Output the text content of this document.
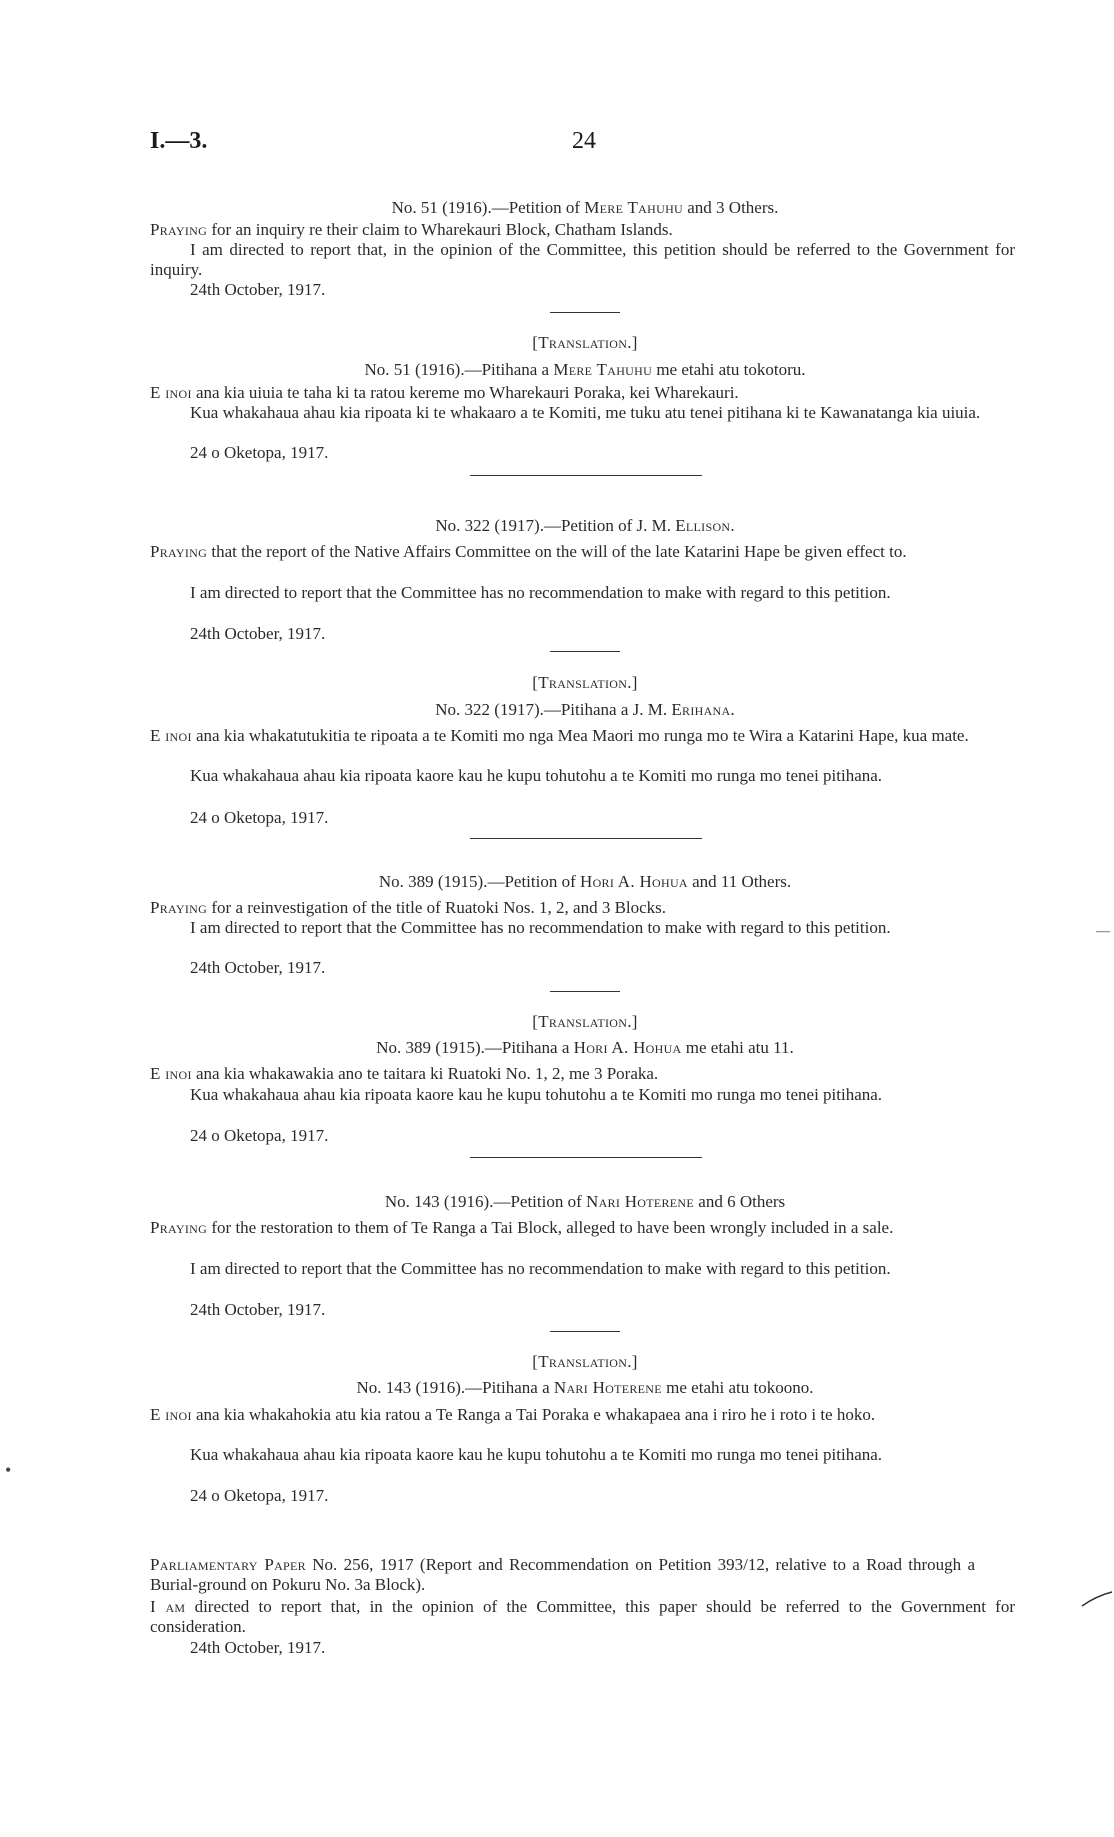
I.—3.	24
No. 51 (1916).—Petition of Mere Tahuhu and 3 Others.
Praying for an inquiry re their claim to Wharekauri Block, Chatham Islands.
I am directed to report that, in the opinion of the Committee, this petition should be referred to the Government for inquiry.
24th October, 1917.
[Translation.]
No. 51 (1916).—Pitihana a Mere Tahuhu me etahi atu tokotoru.
E inoi ana kia uiuia te taha ki ta ratou kereme mo Wharekauri Poraka, kei Wharekauri.
Kua whakahaua ahau kia ripoata ki te whakaaro a te Komiti, me tuku atu tenei pitihana ki te Kawanatanga kia uiuia.
24 o Oketopa, 1917.
No. 322 (1917).—Petition of J. M. Ellison.
Praying that the report of the Native Affairs Committee on the will of the late Katarini Hape be given effect to.
I am directed to report that the Committee has no recommendation to make with regard to this petition.
24th October, 1917.
[Translation.]
No. 322 (1917).—Pitihana a J. M. Erihana.
E inoi ana kia whakatutukitia te ripoata a te Komiti mo nga Mea Maori mo runga mo te Wira a Katarini Hape, kua mate.
Kua whakahaua ahau kia ripoata kaore kau he kupu tohutohu a te Komiti mo runga mo tenei pitihana.
24 o Oketopa, 1917.
No. 389 (1915).—Petition of Hori A. Hohua and 11 Others.
Praying for a reinvestigation of the title of Ruatoki Nos. 1, 2, and 3 Blocks.
I am directed to report that the Committee has no recommendation to make with regard to this petition.
24th October, 1917.
[Translation.]
No. 389 (1915).—Pitihana a Hori A. Hohua me etahi atu 11.
E inoi ana kia whakawakia ano te taitara ki Ruatoki No. 1, 2, me 3 Poraka.
Kua whakahaua ahau kia ripoata kaore kau he kupu tohutohu a te Komiti mo runga mo tenei pitihana.
24 o Oketopa, 1917.
No. 143 (1916).—Petition of Nari Hoterene and 6 Others
Praying for the restoration to them of Te Ranga a Tai Block, alleged to have been wrongly included in a sale.
I am directed to report that the Committee has no recommendation to make with regard to this petition.
24th October, 1917.
[Translation.]
No. 143 (1916).—Pitihana a Nari Hoterene me etahi atu tokoono.
E inoi ana kia whakahokia atu kia ratou a Te Ranga a Tai Poraka e whakapaea ana i riro he i roto i te hoko.
Kua whakahaua ahau kia ripoata kaore kau he kupu tohutohu a te Komiti mo runga mo tenei pitihana.
24 o Oketopa, 1917.
Parliamentary Paper No. 256, 1917 (Report and Recommendation on Petition 393/12, relative to a Road through a Burial-ground on Pokuru No. 3a Block).
I am directed to report that, in the opinion of the Committee, this paper should be referred to the Government for consideration.
24th October, 1917.
•
—
